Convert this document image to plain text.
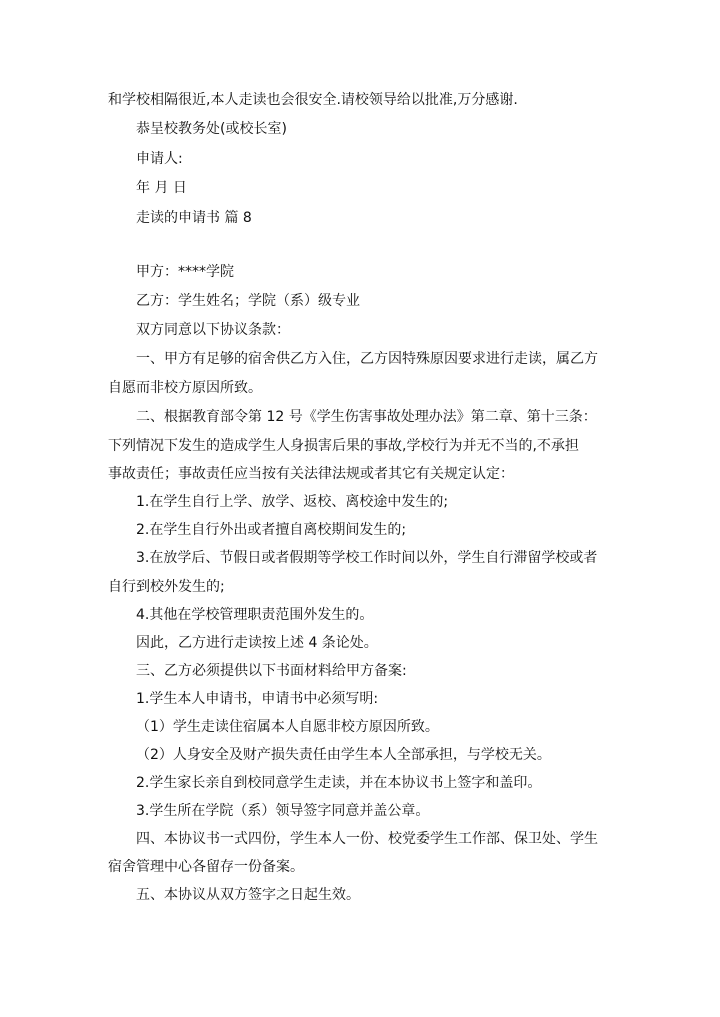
和学校相隔很近,本人走读也会很安全.请校领导给以批准,万分感谢.
恭呈校教务处(或校长室)
申请人:
年 月 日
走读的申请书 篇 8
甲方：****学院
乙方：学生姓名；学院（系）级专业
双方同意以下协议条款：
一、甲方有足够的宿舍供乙方入住，乙方因特殊原因要求进行走读，属乙方
自愿而非校方原因所致。
二、根据教育部令第 12 号《学生伤害事故处理办法》第二章、第十三条：
下列情况下发生的造成学生人身损害后果的事故,学校行为并无不当的,不承担
事故责任；事故责任应当按有关法律法规或者其它有关规定认定：
1.在学生自行上学、放学、返校、离校途中发生的;
2.在学生自行外出或者擅自离校期间发生的;
3.在放学后、节假日或者假期等学校工作时间以外，学生自行滞留学校或者
自行到校外发生的;
4.其他在学校管理职责范围外发生的。
因此，乙方进行走读按上述 4 条论处。
三、乙方必须提供以下书面材料给甲方备案:
1.学生本人申请书，申请书中必须写明:
（1）学生走读住宿属本人自愿非校方原因所致。
（2）人身安全及财产损失责任由学生本人全部承担，与学校无关。
2.学生家长亲自到校同意学生走读，并在本协议书上签字和盖印。
3.学生所在学院（系）领导签字同意并盖公章。
四、本协议书一式四份，学生本人一份、校党委学生工作部、保卫处、学生
宿舍管理中心各留存一份备案。
五、本协议从双方签字之日起生效。
